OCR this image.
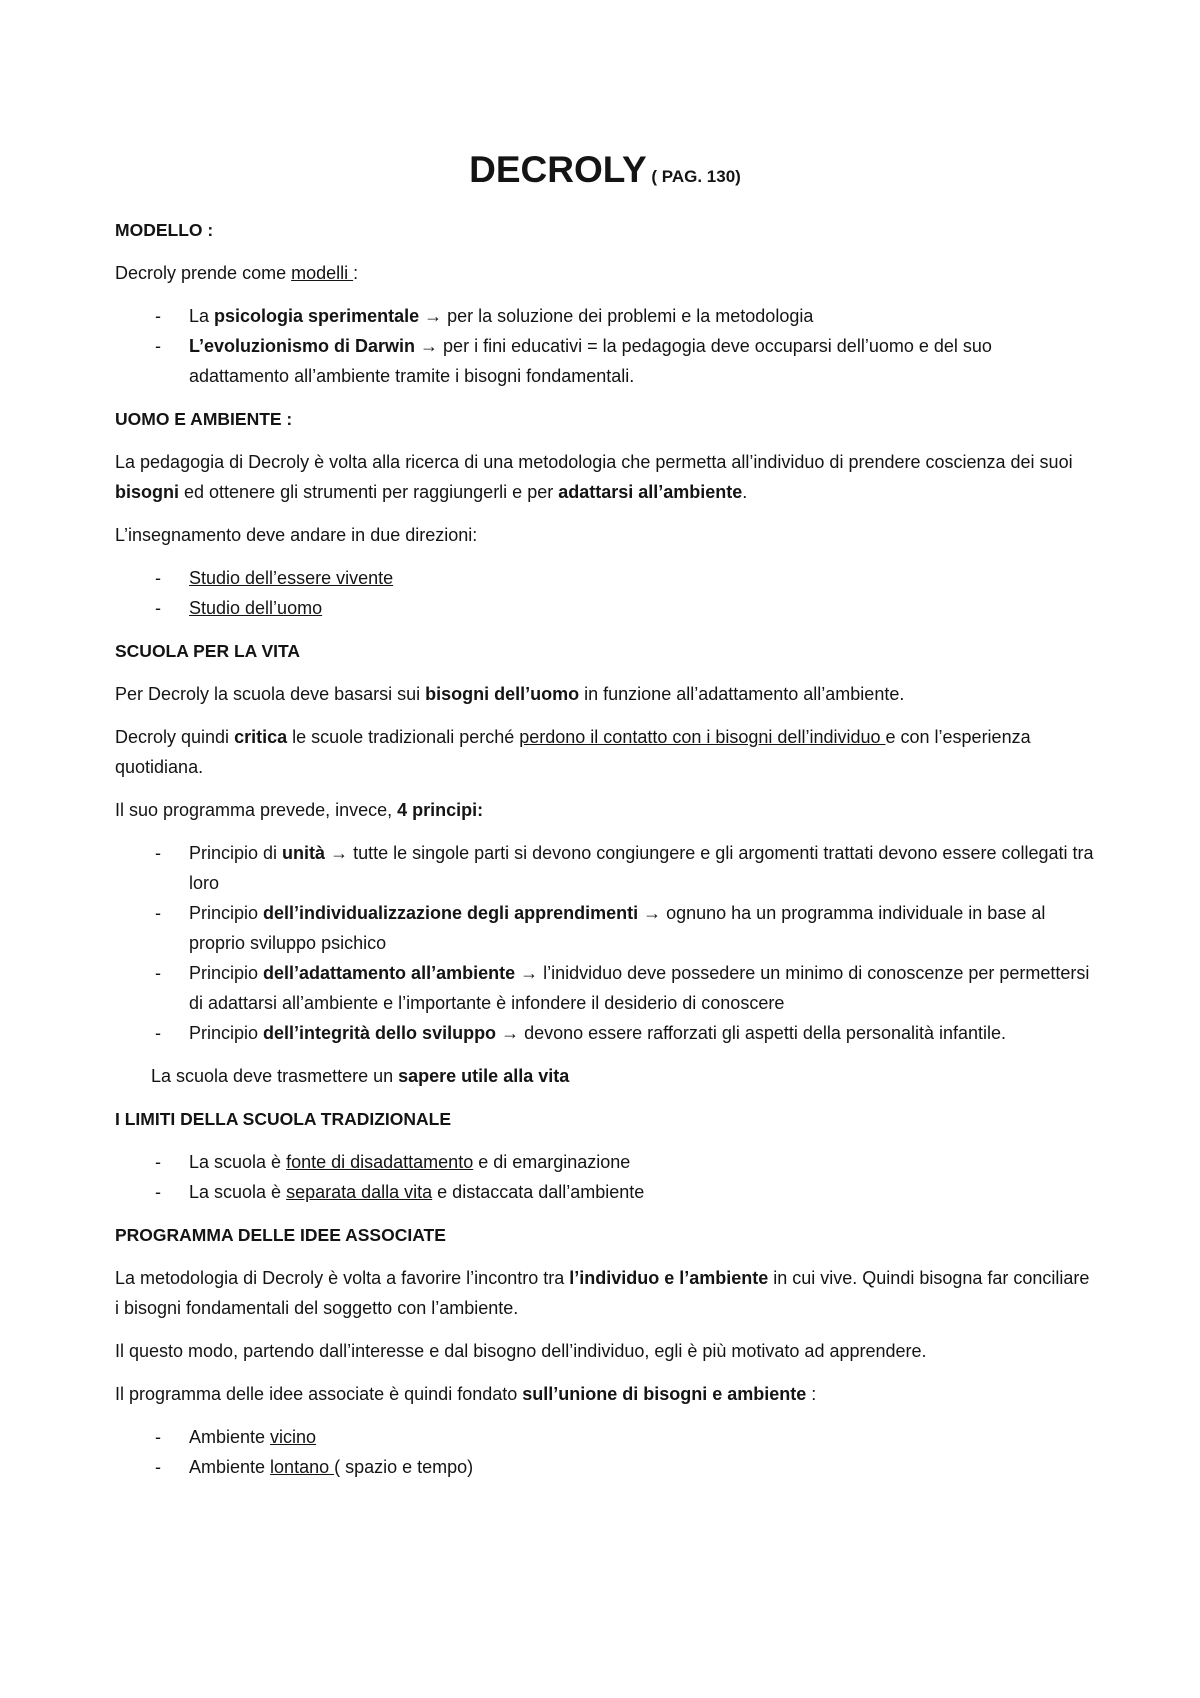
DECROLY ( PAG. 130)
MODELLO :

Decroly prende come modelli :

- La psicologia sperimentale → per la soluzione dei problemi e la metodologia
- L’evoluzionismo di Darwin → per i fini educativi = la pedagogia deve occuparsi dell’uomo e del suo adattamento all’ambiente tramite i bisogni fondamentali.
UOMO E AMBIENTE :

La pedagogia di Decroly è volta alla ricerca di una metodologia che permetta all’individuo di prendere coscienza dei suoi bisogni ed ottenere gli strumenti per raggiungerli e per adattarsi all’ambiente.

L’insegnamento deve andare in due direzioni:

- Studio dell’essere vivente
- Studio dell’uomo
SCUOLA PER LA VITA

Per Decroly la scuola deve basarsi sui bisogni dell’uomo in funzione all’adattamento all’ambiente.

Decroly quindi critica le scuole tradizionali perché perdono il contatto con i bisogni dell’individuo e con l’esperienza quotidiana.

Il suo programma prevede, invece, 4 principi:

- Principio di unità → tutte le singole parti si devono congiungere e gli argomenti trattati devono essere collegati tra loro
- Principio dell’individualizzazione degli apprendimenti → ognuno ha un programma individuale in base al proprio sviluppo psichico
- Principio dell’adattamento all’ambiente → l’inidviduo deve possedere un minimo di conoscenze per permettersi di adattarsi all’ambiente e l’importante è infondere il desiderio di conoscere
- Principio dell’integrità dello sviluppo → devono essere rafforzati gli aspetti della personalità infantile.

La scuola deve trasmettere un sapere utile alla vita

I LIMITI DELLA SCUOLA TRADIZIONALE
- La scuola è fonte di disadattamento e di emarginazione
- La scuola è separata dalla vita e distaccata dall’ambiente
PROGRAMMA DELLE IDEE ASSOCIATE

La metodologia di Decroly è volta a favorire l’incontro tra l’individuo e l’ambiente in cui vive. Quindi bisogna far conciliare i bisogni fondamentali del soggetto con l’ambiente.

Il questo modo, partendo dall’interesse e dal bisogno dell’individuo, egli è più motivato ad apprendere.

Il programma delle idee associate è quindi fondato sull’unione di bisogni e ambiente :

- Ambiente vicino
- Ambiente lontano ( spazio e tempo)
